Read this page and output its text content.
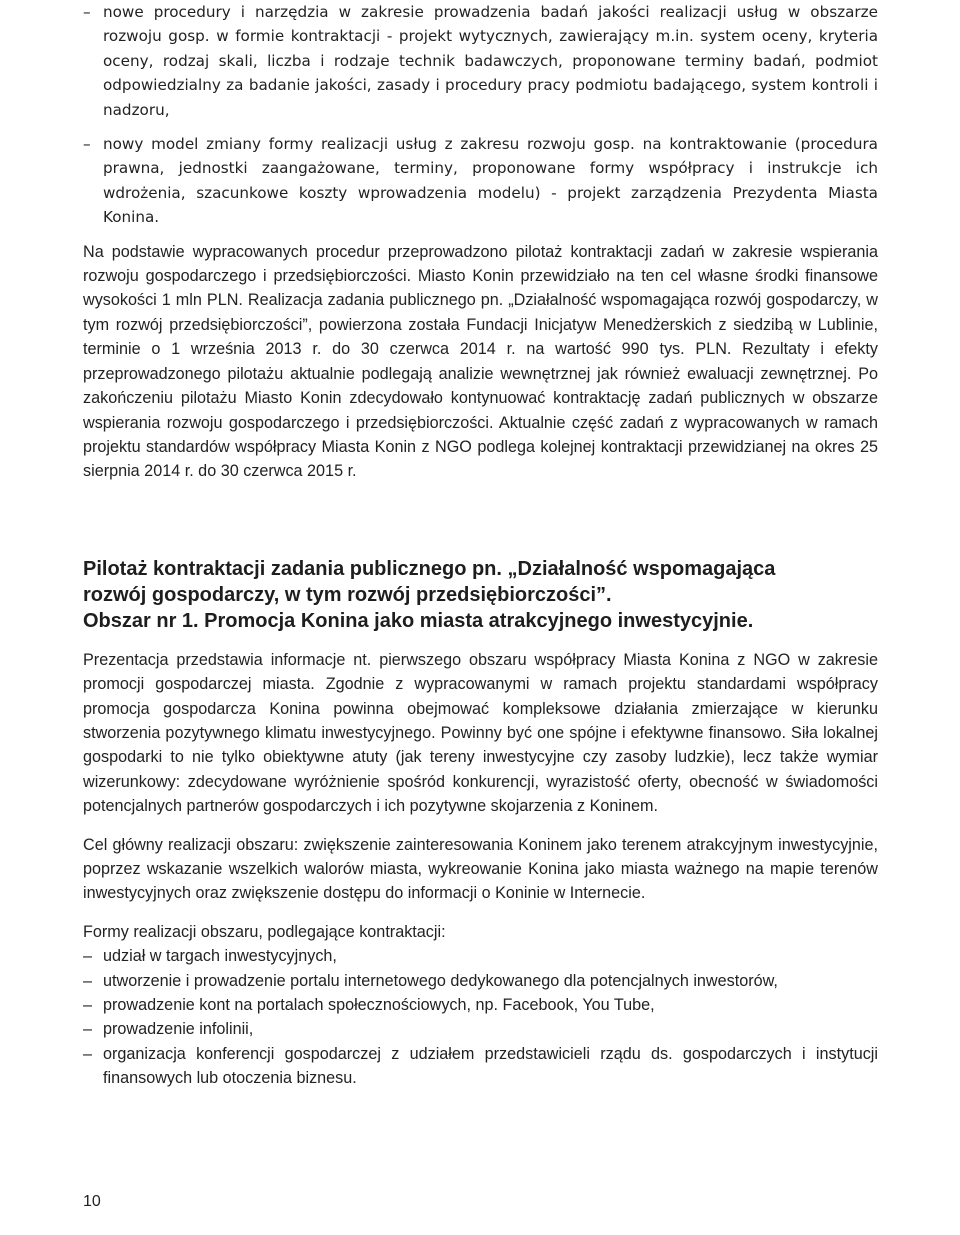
– nowe procedury i narzędzia w zakresie prowadzenia badań jakości realizacji usług w obszarze rozwoju gosp. w formie kontraktacji - projekt wytycznych, zawierający m.in. system oceny, kryteria oceny, rodzaj skali, liczba i rodzaje technik badawczych, proponowane terminy badań, podmiot odpowiedzialny za badanie jakości, zasady i procedury pracy podmiotu badającego, system kontroli i nadzoru,
– nowy model zmiany formy realizacji usług z zakresu rozwoju gosp. na kontraktowanie (procedura prawna, jednostki zaangażowane, terminy, proponowane formy współpracy i instrukcje ich wdrożenia, szacunkowe koszty wprowadzenia modelu) - projekt zarządzenia Prezydenta Miasta Konina.

Na podstawie wypracowanych procedur przeprowadzono pilotaż kontraktacji zadań w zakresie wspierania rozwoju gospodarczego i przedsiębiorczości. Miasto Konin przewidziało na ten cel własne środki finansowe wysokości 1 mln PLN. Realizacja zadania publicznego pn. „Działalność wspomagająca rozwój gospodarczy, w tym rozwój przedsiębiorczości”, powierzona została Fundacji Inicjatyw Menedżerskich z siedzibą w Lublinie, terminie o 1 września 2013 r. do 30 czerwca 2014 r. na wartość 990 tys. PLN. Rezultaty i efekty przeprowadzonego pilotażu aktualnie podlegają analizie wewnętrznej jak również ewaluacji zewnętrznej. Po zakończeniu pilotażu Miasto Konin zdecydowało kontynuować kontraktację zadań publicznych w obszarze wspierania rozwoju gospodarczego i przedsiębiorczości. Aktualnie część zadań z wypracowanych w ramach projektu standardów współpracy Miasta Konin z NGO podlega kolejnej kontraktacji przewidzianej na okres 25 sierpnia 2014 r. do 30 czerwca 2015 r.

Pilotaż kontraktacji zadania publicznego pn. „Działalność wspomagająca
rozwój gospodarczy, w tym rozwój przedsiębiorczości”.
Obszar nr 1. Promocja Konina jako miasta atrakcyjnego inwestycyjnie.

Prezentacja przedstawia informacje nt. pierwszego obszaru współpracy Miasta Konina z NGO w zakresie promocji gospodarczej miasta. Zgodnie z wypracowanymi w ramach projektu standardami współpracy promocja gospodarcza Konina powinna obejmować kompleksowe działania zmierzające w kierunku stworzenia pozytywnego klimatu inwestycyjnego. Powinny być one spójne i efektywne finansowo. Siła lokalnej gospodarki to nie tylko obiektywne atuty (jak tereny inwestycyjne czy zasoby ludzkie), lecz także wymiar wizerunkowy: zdecydowane wyróżnienie spośród konkurencji, wyrazistość oferty, obecność w świadomości potencjalnych partnerów gospodarczych i ich pozytywne skojarzenia z Koninem.

Cel główny realizacji obszaru: zwiększenie zainteresowania Koninem jako terenem atrakcyjnym inwestycyjnie, poprzez wskazanie wszelkich walorów miasta, wykreowanie Konina jako miasta ważnego na mapie terenów inwestycyjnych oraz zwiększenie dostępu do informacji o Koninie w Internecie.

Formy realizacji obszaru, podlegające kontraktacji:

– udział w targach inwestycyjnych,
– utworzenie i prowadzenie portalu internetowego dedykowanego dla potencjalnych inwestorów,
– prowadzenie kont na portalach społecznościowych, np. Facebook, You Tube,
– prowadzenie infolinii,
– organizacja konferencji gospodarczej z udziałem przedstawicieli rządu ds. gospodarczych i instytucji finansowych lub otoczenia biznesu.
10
